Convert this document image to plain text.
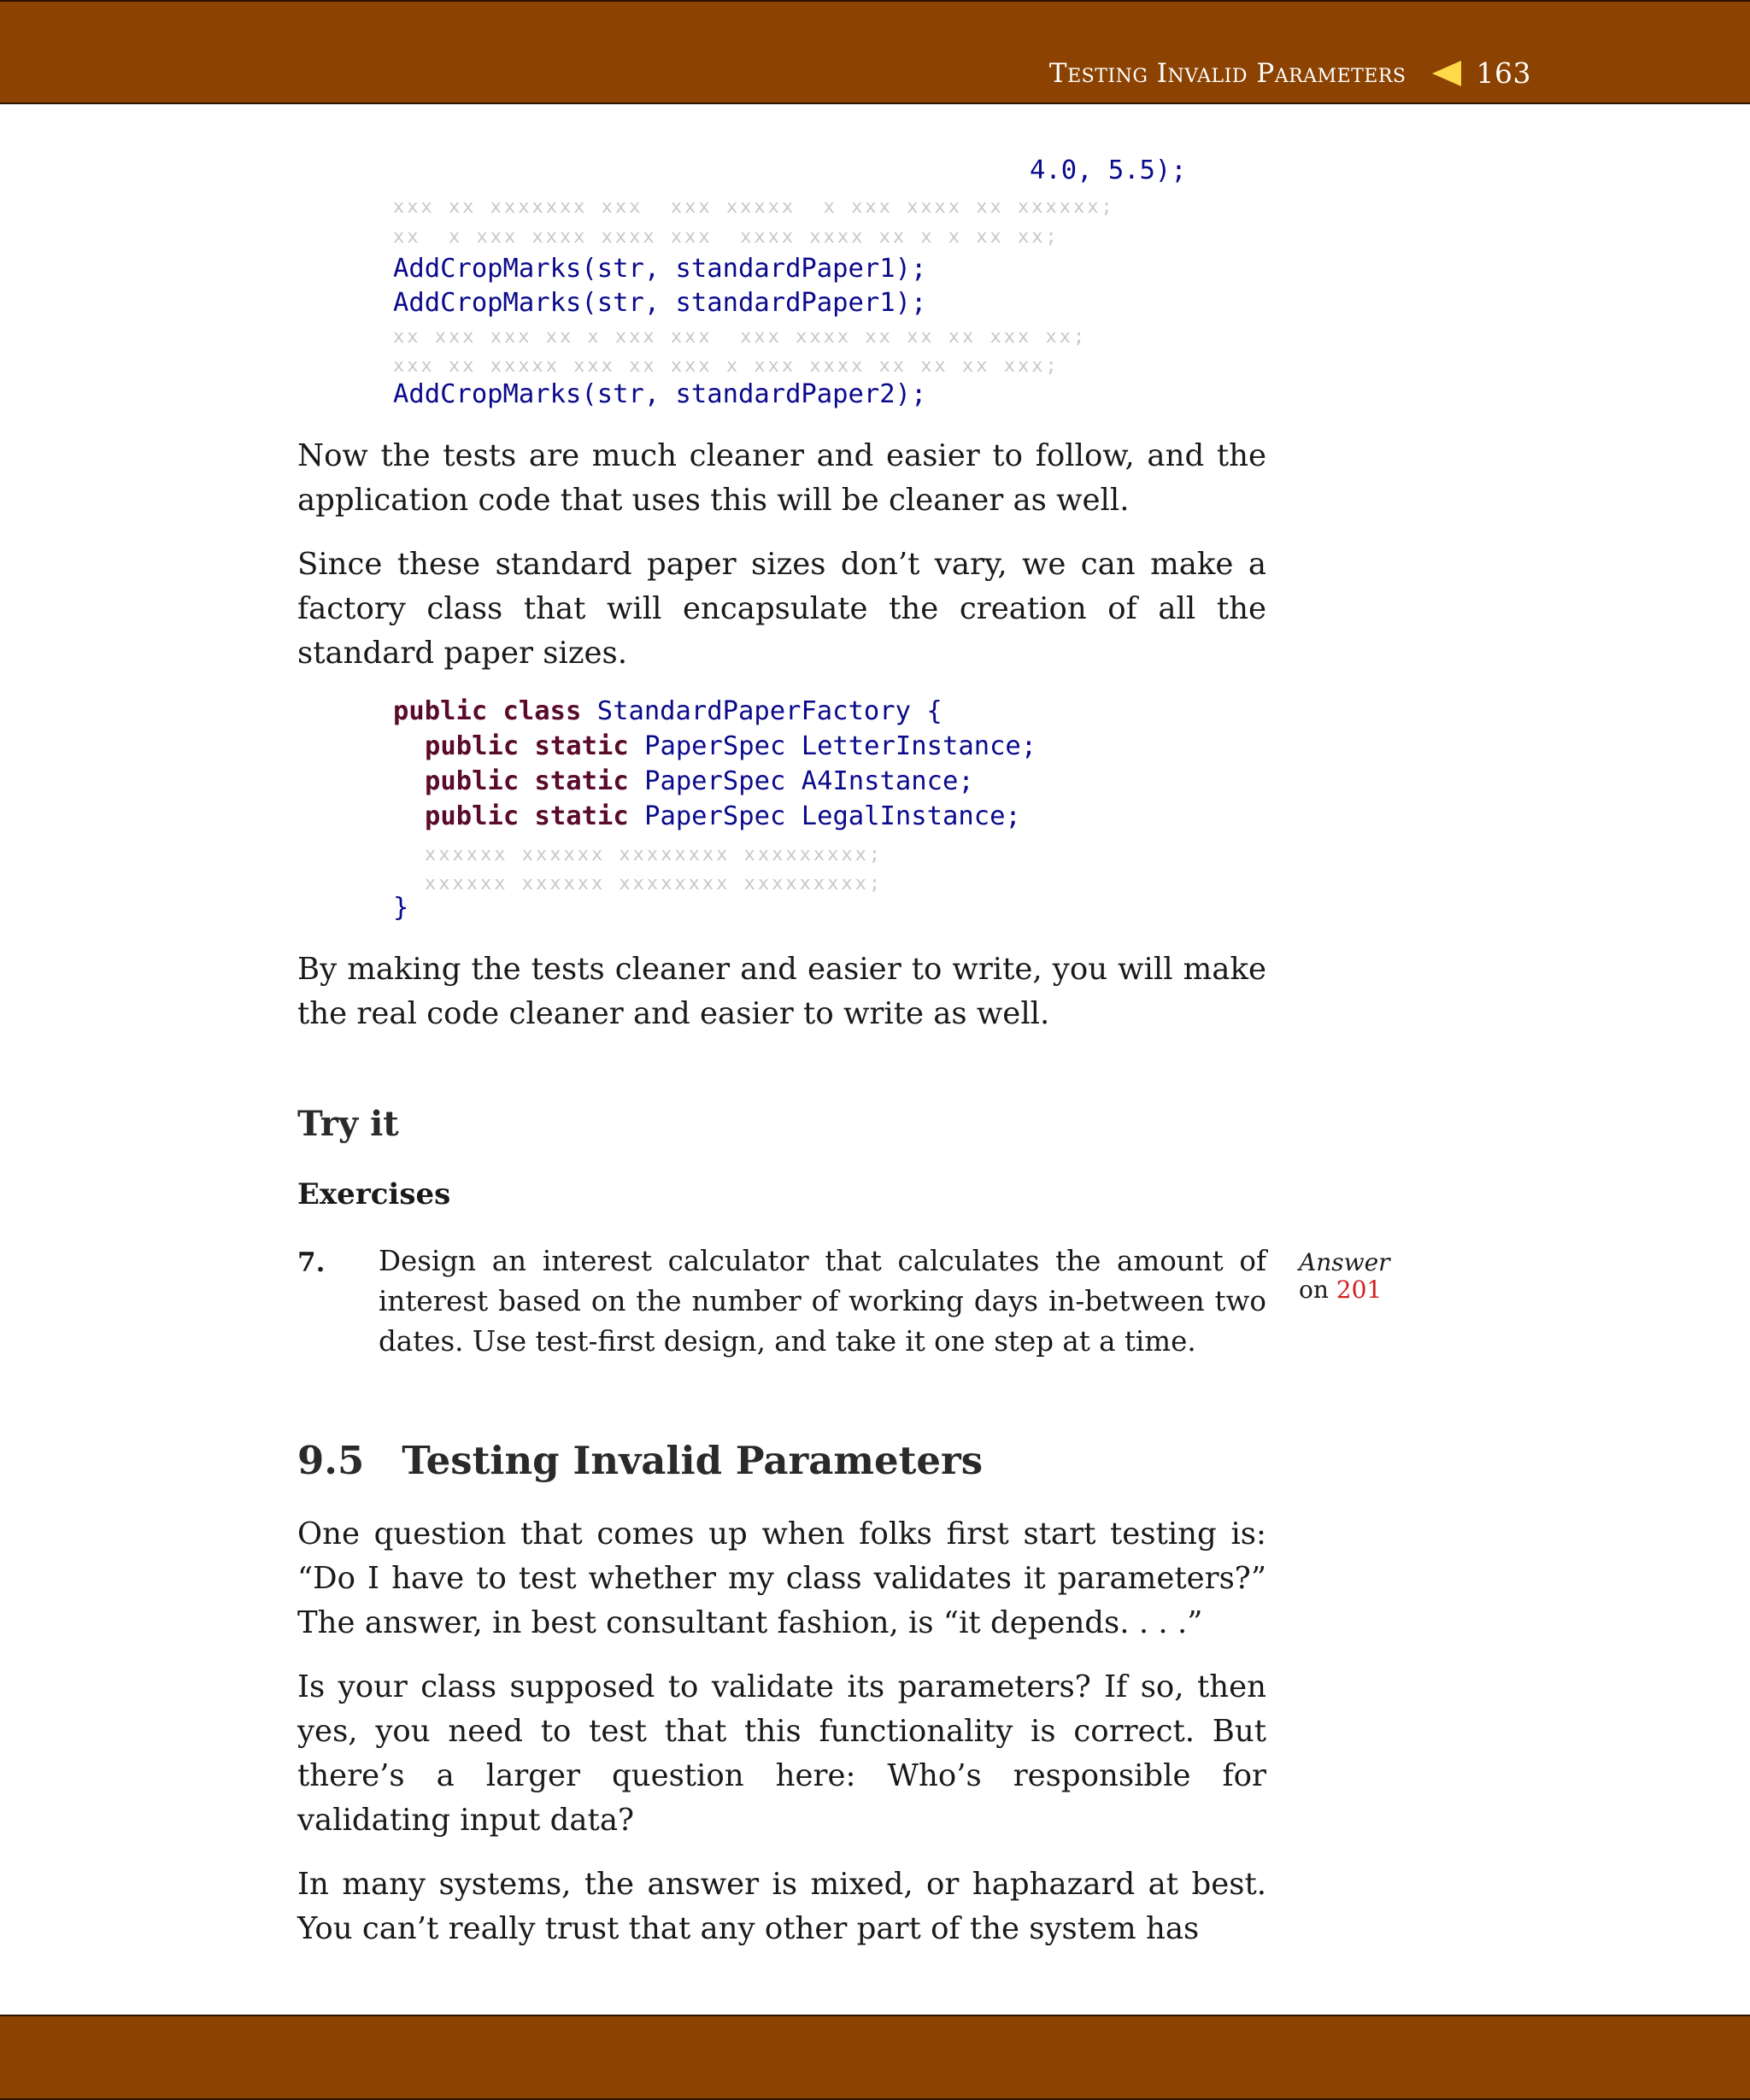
Testing Invalid Parameters 163
4.0, 5.5);
xxx xx xxxxxxx xxx  xxx xxxxx  x xxx xxxx xx xxxxxx;
xx  x xxx xxxx xxxx xxx  xxxx xxxx xx x x xx xx;
AddCropMarks(str, standardPaper1);
AddCropMarks(str, standardPaper1);
xx xxx xxx xx x xxx xxx  xxx xxxx xx xx xx xxx xx;
xxx xx xxxxx xxx xx xxx x xxx xxxx xx xx xx xxx;
AddCropMarks(str, standardPaper2);
Now the tests are much cleaner and easier to follow, and the application code that uses this will be cleaner as well.
Since these standard paper sizes don’t vary, we can make a factory class that will encapsulate the creation of all the standard paper sizes.
public class StandardPaperFactory {
public static PaperSpec LetterInstance;
public static PaperSpec A4Instance;
public static PaperSpec LegalInstance;
xxxxxx xxxxxx xxxxxxxx xxxxxxxxx;
xxxxxx xxxxxx xxxxxxxx xxxxxxxxx;
}
By making the tests cleaner and easier to write, you will make the real code cleaner and easier to write as well.
Try it
Exercises
7. Design an interest calculator that calculates the amount of interest based on the number of working days in-between two dates. Use test-first design, and take it one step at a time.
Answer
on 201
9.5 Testing Invalid Parameters
One question that comes up when folks first start testing is: “Do I have to test whether my class validates it parameters?” The answer, in best consultant fashion, is “it depends. . . .”
Is your class supposed to validate its parameters? If so, then yes, you need to test that this functionality is correct. But there’s a larger question here: Who’s responsible for validating input data?
In many systems, the answer is mixed, or haphazard at best. You can’t really trust that any other part of the system has
